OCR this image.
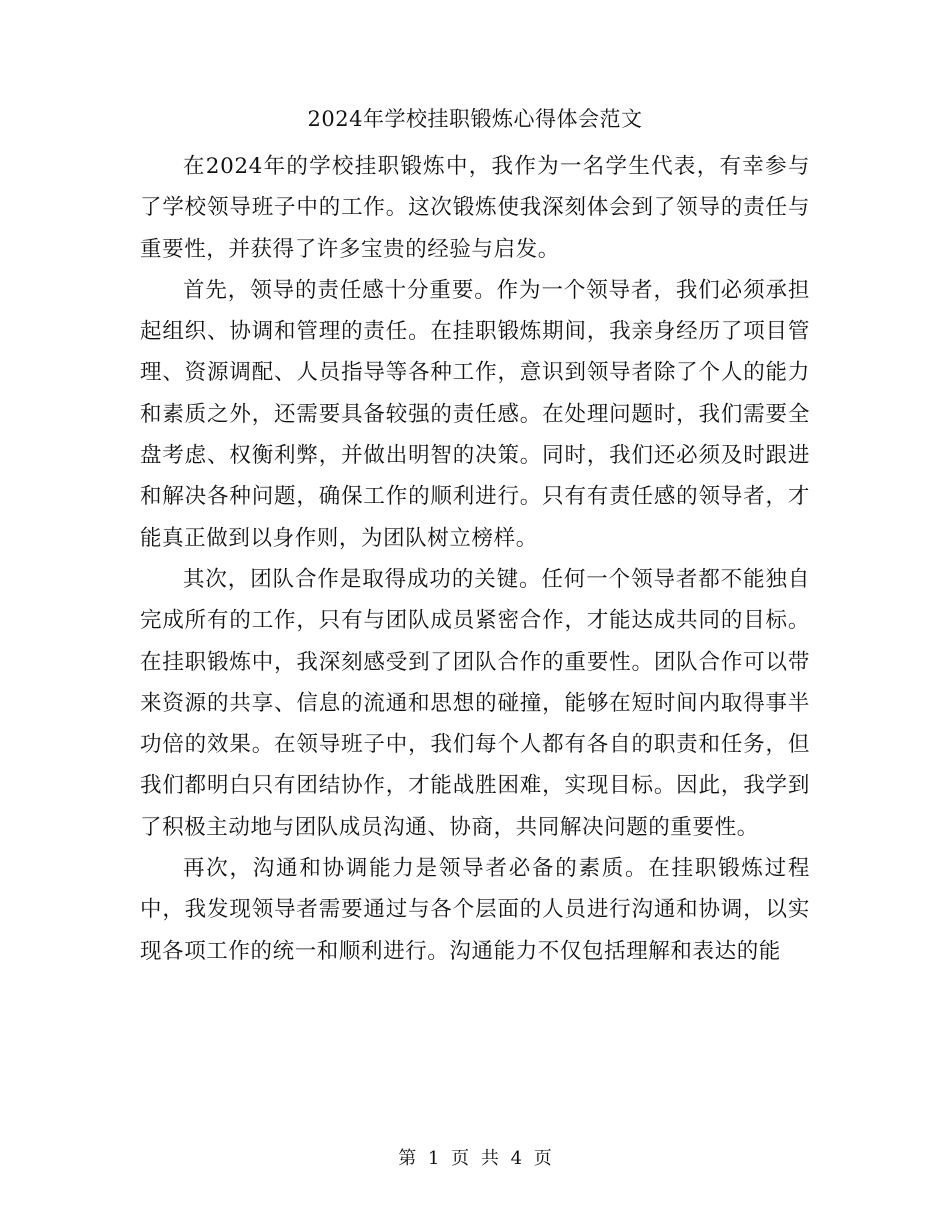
2024年学校挂职锻炼心得体会范文

在2024年的学校挂职锻炼中，我作为一名学生代表，有幸参与了学校领导班子中的工作。这次锻炼使我深刻体会到了领导的责任与重要性，并获得了许多宝贵的经验与启发。

首先，领导的责任感十分重要。作为一个领导者，我们必须承担起组织、协调和管理的责任。在挂职锻炼期间，我亲身经历了项目管理、资源调配、人员指导等各种工作，意识到领导者除了个人的能力和素质之外，还需要具备较强的责任感。在处理问题时，我们需要全盘考虑、权衡利弊，并做出明智的决策。同时，我们还必须及时跟进和解决各种问题，确保工作的顺利进行。只有有责任感的领导者，才能真正做到以身作则，为团队树立榜样。

其次，团队合作是取得成功的关键。任何一个领导者都不能独自完成所有的工作，只有与团队成员紧密合作，才能达成共同的目标。在挂职锻炼中，我深刻感受到了团队合作的重要性。团队合作可以带来资源的共享、信息的流通和思想的碰撞，能够在短时间内取得事半功倍的效果。在领导班子中，我们每个人都有各自的职责和任务，但我们都明白只有团结协作，才能战胜困难，实现目标。因此，我学到了积极主动地与团队成员沟通、协商，共同解决问题的重要性。

再次，沟通和协调能力是领导者必备的素质。在挂职锻炼过程中，我发现领导者需要通过与各个层面的人员进行沟通和协调，以实现各项工作的统一和顺利进行。沟通能力不仅包括理解和表达的能

第 1 页 共 4 页
